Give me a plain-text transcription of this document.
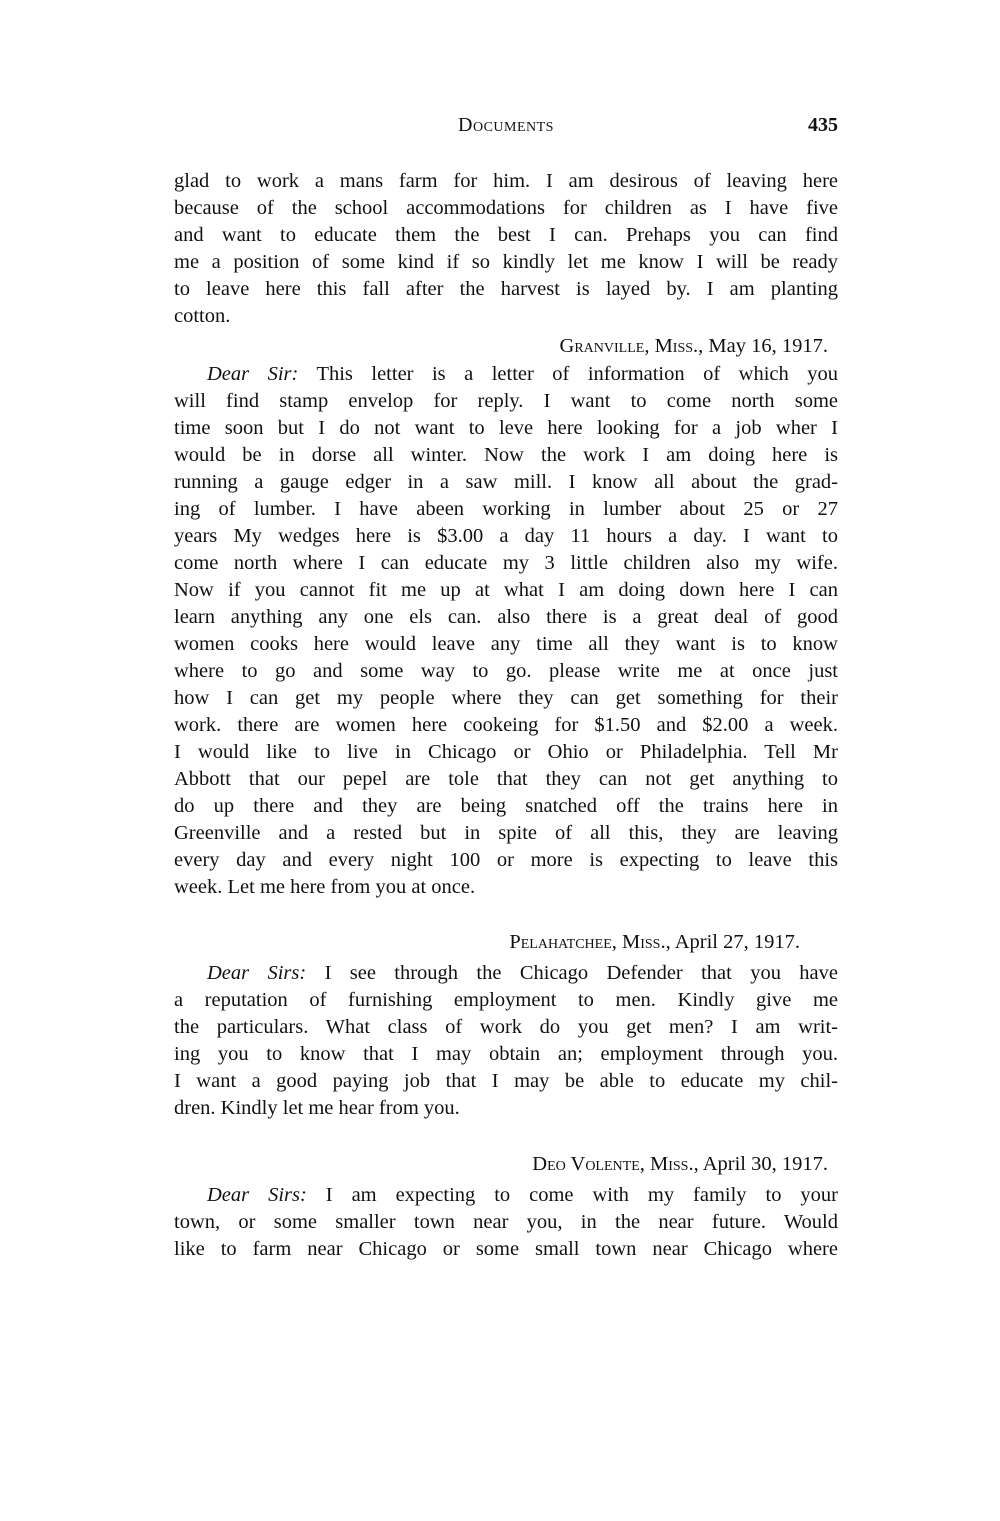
Documents	435
glad to work a mans farm for him. I am desirous of leaving here
because of the school accommodations for children as I have five
and want to educate them the best I can. Prehaps you can find
me a position of some kind if so kindly let me know I will be ready
to leave here this fall after the harvest is layed by. I am planting
cotton.
Granville, Miss., May 16, 1917.
Dear Sir: This letter is a letter of information of which you
will find stamp envelop for reply. I want to come north some
time soon but I do not want to leve here looking for a job wher I
would be in dorse all winter. Now the work I am doing here is
running a gauge edger in a saw mill. I know all about the grad-
ing of lumber. I have abeen working in lumber about 25 or 27
years My wedges here is $3.00 a day 11 hours a day. I want to
come north where I can educate my 3 little children also my wife.
Now if you cannot fit me up at what I am doing down here I can
learn anything any one els can. also there is a great deal of good
women cooks here would leave any time all they want is to know
where to go and some way to go. please write me at once just
how I can get my people where they can get something for their
work. there are women here cookeing for $1.50 and $2.00 a week.
I would like to live in Chicago or Ohio or Philadelphia. Tell Mr
Abbott that our pepel are tole that they can not get anything to
do up there and they are being snatched off the trains here in
Greenville and a rested but in spite of all this, they are leaving
every day and every night 100 or more is expecting to leave this
week. Let me here from you at once.
Pelahatchee, Miss., April 27, 1917.
Dear Sirs: I see through the Chicago Defender that you have
a reputation of furnishing employment to men. Kindly give me
the particulars. What class of work do you get men? I am writ-
ing you to know that I may obtain an; employment through you.
I want a good paying job that I may be able to educate my chil-
dren. Kindly let me hear from you.
Deo Volente, Miss., April 30, 1917.
Dear Sirs: I am expecting to come with my family to your
town, or some smaller town near you, in the near future. Would
like to farm near Chicago or some small town near Chicago where
